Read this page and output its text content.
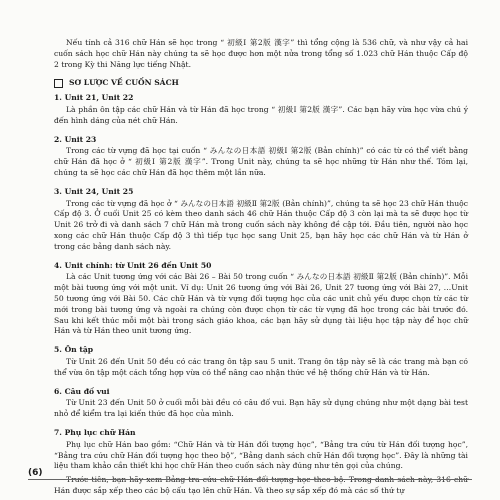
Nếu tính cả 316 chữ Hán sẽ học trong “ 初級Ⅰ 第2版 漢字” thì tổng cộng là 536 chữ, và như vậy cả hai cuốn sách học chữ Hán này chúng ta sẽ học được hơn một nửa trong tổng số 1.023 chữ Hán thuộc Cấp độ 2 trong Kỳ thi Năng lực tiếng Nhật.

SƠ LƯỢC VỀ CUỐN SÁCH
1. Unit 21, Unit 22

Là phần ôn tập các chữ Hán và từ Hán đã học trong “ 初級Ⅰ 第2版 漢字”. Các bạn hãy vừa học vừa chú ý đến hình dáng của nét chữ Hán.

2. Unit 23

Trong các từ vựng đã học tại cuốn “ みんなの日本語 初級Ⅰ 第2版 (Bản chính)” có các từ có thể viết bằng chữ Hán đã học ở “ 初級Ⅰ 第2版 漢字”. Trong Unit này, chúng ta sẽ học những từ Hán như thế. Tóm lại, chúng ta sẽ học các chữ Hán đã học thêm một lần nữa.

3. Unit 24, Unit 25

Trong các từ vựng đã học ở “ みんなの日本語 初級Ⅱ 第2版 (Bản chính)”, chúng ta sẽ học 23 chữ Hán thuộc Cấp độ 3. Ở cuối Unit 25 có kèm theo danh sách 46 chữ Hán thuộc Cấp độ 3 còn lại mà ta sẽ được học từ Unit 26 trở đi và danh sách 7 chữ Hán mà trong cuốn sách này không đề cập tới. Đầu tiên, người nào học xong các chữ Hán thuộc Cấp độ 3 thì tiếp tục học sang Unit 25, bạn hãy học các chữ Hán và từ Hán ở trong các bảng danh sách này.

4. Unit chính: từ Unit 26 đến Unit 50

Là các Unit tương ứng với các Bài 26 – Bài 50 trong cuốn “ みんなの日本語 初級Ⅱ 第2版 (Bản chính)”. Mỗi một bài tương ứng với một unit. Ví dụ: Unit 26 tương ứng với Bài 26, Unit 27 tương ứng với Bài 27, …Unit 50 tương ứng với Bài 50. Các chữ Hán và từ vựng đối tượng học của các unit chủ yếu được chọn từ các từ mới trong bài tương ứng và ngoài ra chúng còn được chọn từ các từ vựng đã học trong các bài trước đó. Sau khi kết thúc mỗi một bài trong sách giáo khoa, các bạn hãy sử dụng tài liệu học tập này để học chữ Hán và từ Hán theo unit tương ứng.

5. Ôn tập

Từ Unit 26 đến Unit 50 đều có các trang ôn tập sau 5 unit. Trang ôn tập này sẽ là các trang mà bạn có thể vừa ôn tập một cách tổng hợp vừa có thể nâng cao nhận thức về hệ thống chữ Hán và từ Hán.

6. Câu đố vui

Từ Unit 23 đến Unit 50 ở cuối mỗi bài đều có câu đố vui. Bạn hãy sử dụng chúng như một dạng bài test nhỏ để kiểm tra lại kiến thức đã học của mình.

7. Phụ lục chữ Hán

Phụ lục chữ Hán bao gồm: “Chữ Hán và từ Hán đối tượng học”, “Bảng tra cứu từ Hán đối tượng học”, “Bảng tra cứu chữ Hán đối tượng học theo bộ”, “Bảng danh sách chữ Hán đối tượng học”. Đây là những tài liệu tham khảo cần thiết khi học chữ Hán theo cuốn sách này đúng như tên gọi của chúng.

Hán được sắp xếp theo các bộ cấu tạo lên chữ Hán. Và theo sự sắp xếp đó mà các số thứ tự

(6)
